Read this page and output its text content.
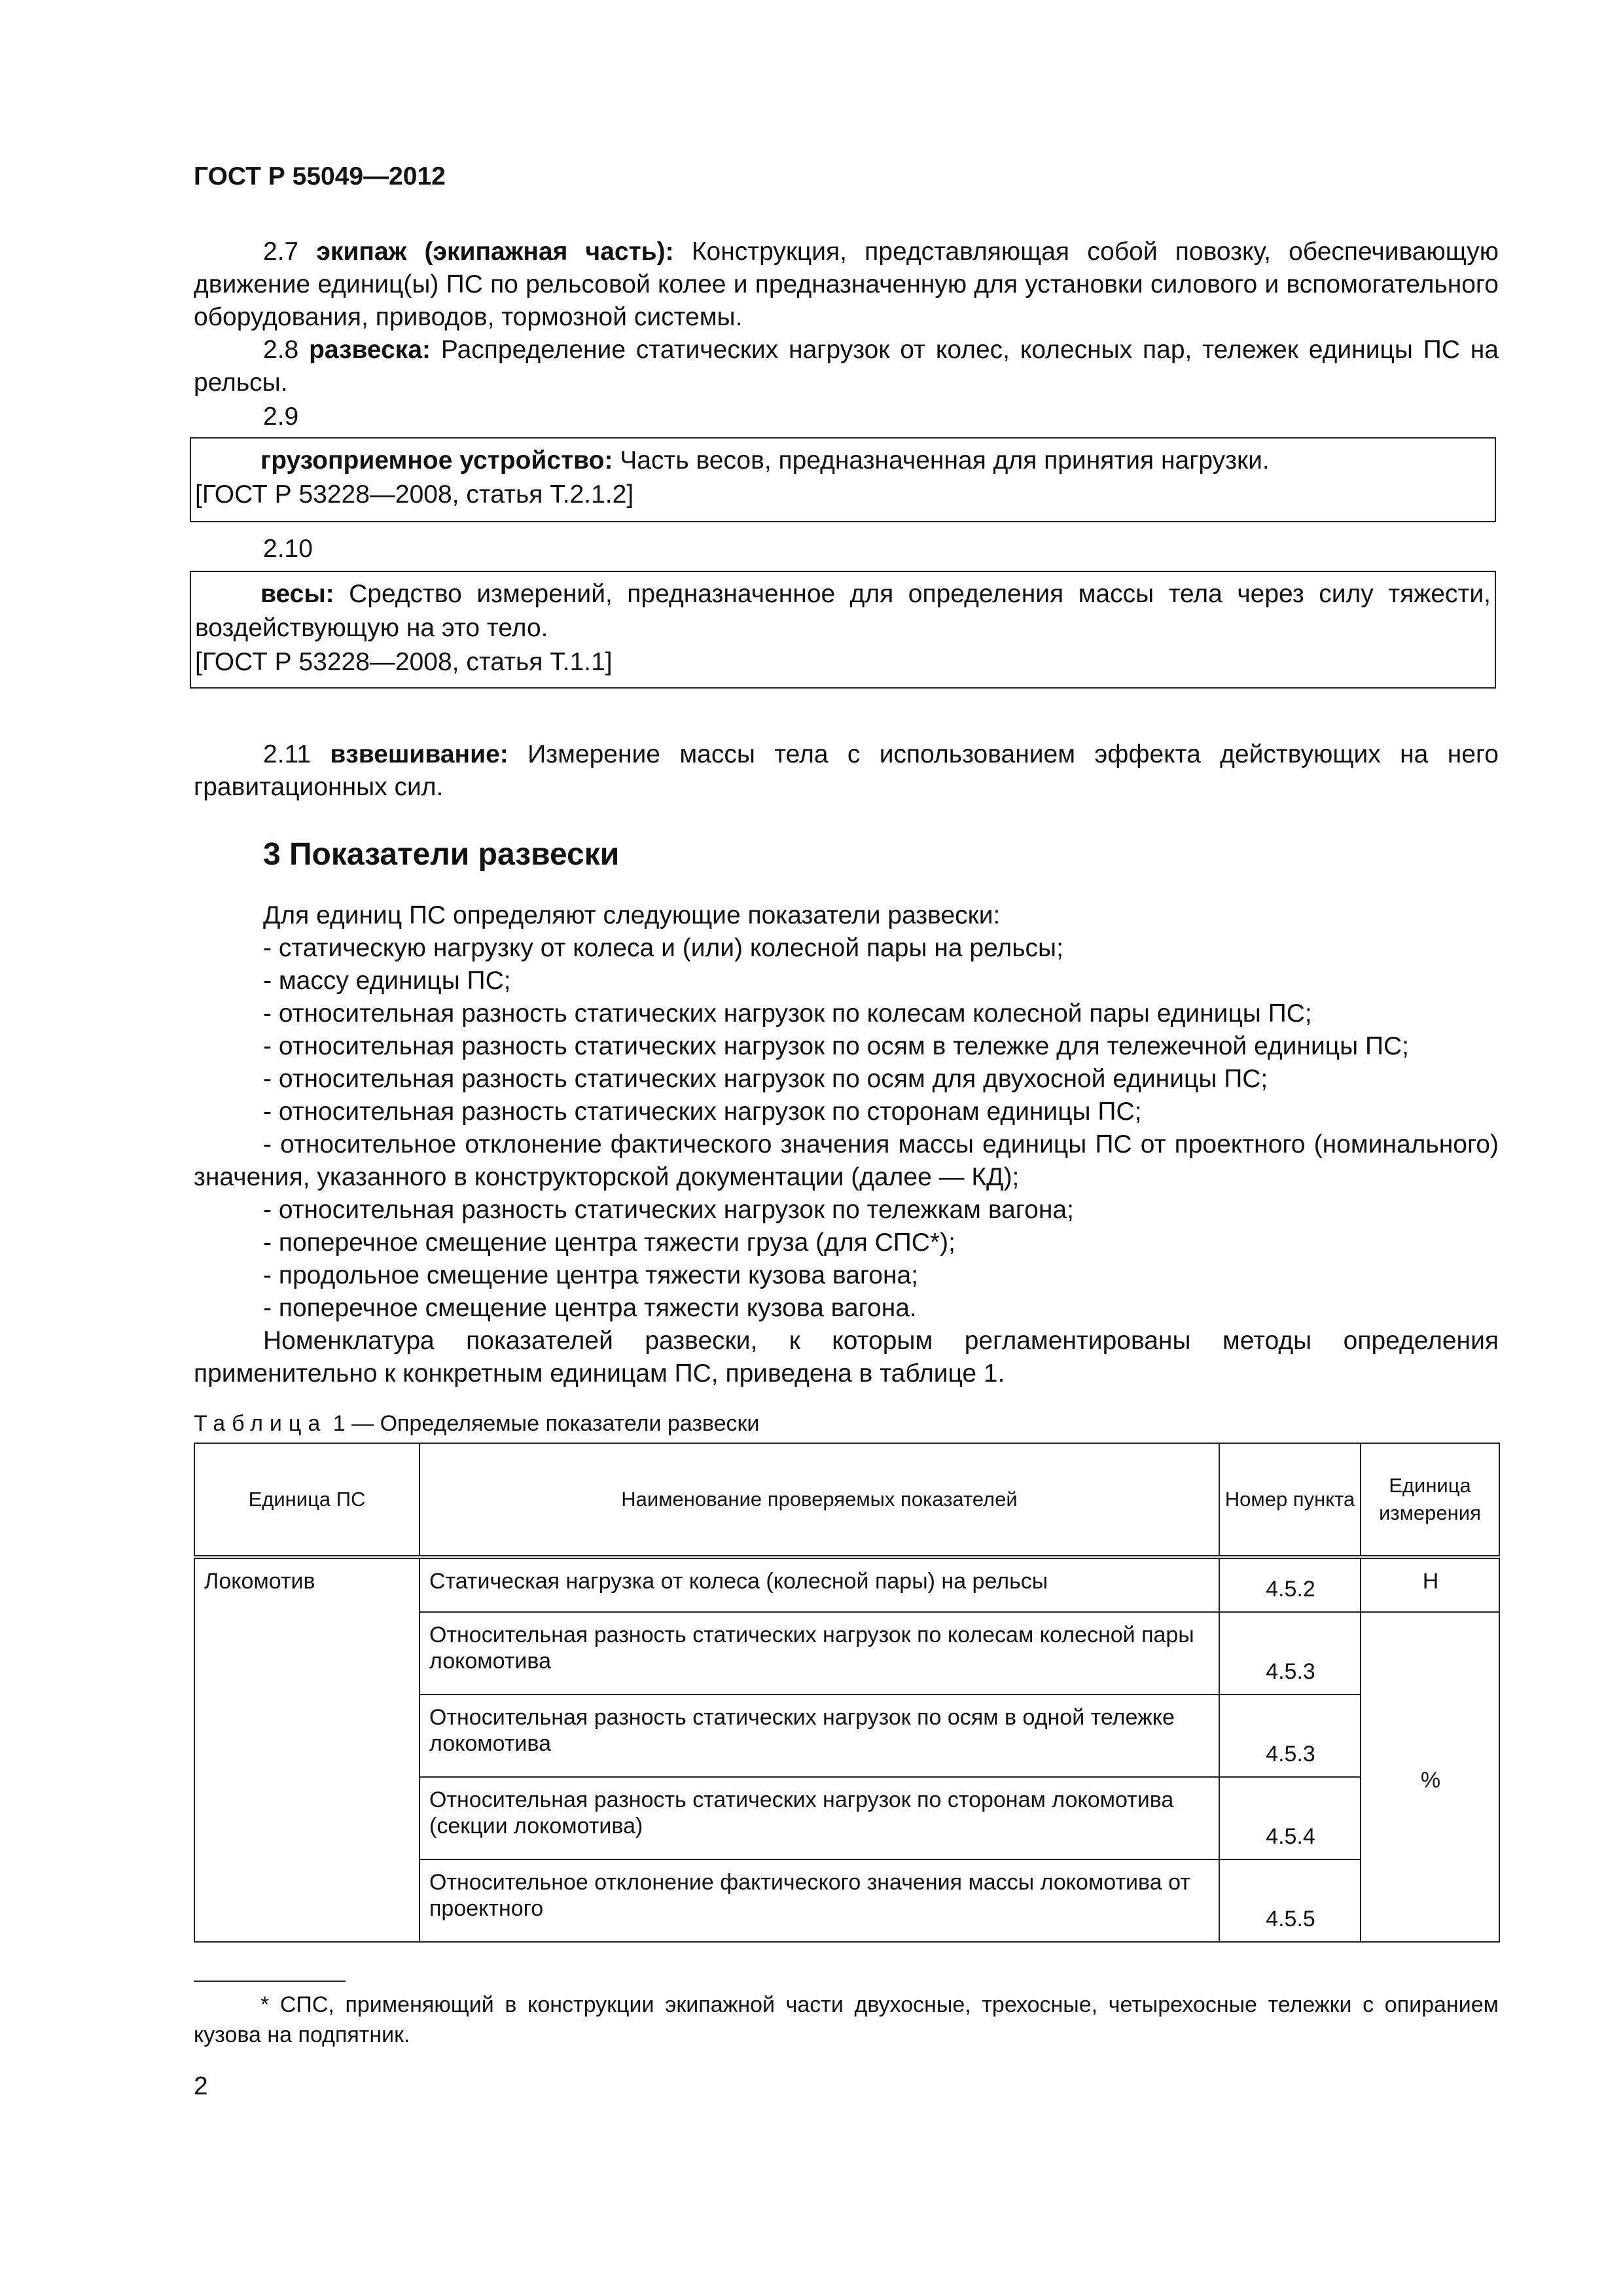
ГОСТ Р 55049—2012

2.7 экипаж (экипажная часть): Конструкция, представляющая собой повозку, обеспечивающую движение единиц(ы) ПС по рельсовой колее и предназначенную для установки силового и вспомогательного оборудования, приводов, тормозной системы.

2.8 развеска: Распределение статических нагрузок от колес, колесных пар, тележек единицы ПС на рельсы.

2.9
грузоприемное устройство: Часть весов, предназначенная для принятия нагрузки.
[ГОСТ Р 53228—2008, статья Т.2.1.2]
2.10
весы: Средство измерений, предназначенное для определения массы тела через силу тяжести, воздействующую на это тело.
[ГОСТ Р 53228—2008, статья Т.1.1]

2.11 взвешивание: Измерение массы тела с использованием эффекта действующих на него гравитационных сил.

3 Показатели развески
Для единиц ПС определяют следующие показатели развески:
- статическую нагрузку от колеса и (или) колесной пары на рельсы;
- массу единицы ПС;
- относительная разность статических нагрузок по колесам колесной пары единицы ПС;
- относительная разность статических нагрузок по осям в тележке для тележечной единицы ПС;
- относительная разность статических нагрузок по осям для двухосной единицы ПС;
- относительная разность статических нагрузок по сторонам единицы ПС;

- относительное отклонение фактического значения массы единицы ПС от проектного (номинального) значения, указанного в конструкторской документации (далее — КД);

- относительная разность статических нагрузок по тележкам вагона;
- поперечное смещение центра тяжести груза (для СПС*);
- продольное смещение центра тяжести кузова вагона;
- поперечное смещение центра тяжести кузова вагона.

Номенклатура показателей развески, к которым регламентированы методы определения применительно к конкретным единицам ПС, приведена в таблице 1.

Таблица 1 — Определяемые показатели развески
Единица ПС	Наименование проверяемых показателей	Номер пункта	Единица измерения
Локомотив	Статическая нагрузка от колеса (колесной пары) на рельсы	4.5.2	Н
	Относительная разность статических нагрузок по колесам колесной пары локомотива	4.5.3	%
	Относительная разность статических нагрузок по осям в одной тележке локомотива	4.5.3	
	Относительная разность статических нагрузок по сторонам локомотива (секции локомотива)	4.5.4	
	Относительное отклонение фактического значения массы локомотива от проектного	4.5.5	
* СПС, применяющий в конструкции экипажной части двухосные, трехосные, четырехосные тележки с опиранием кузова на подпятник.
2
